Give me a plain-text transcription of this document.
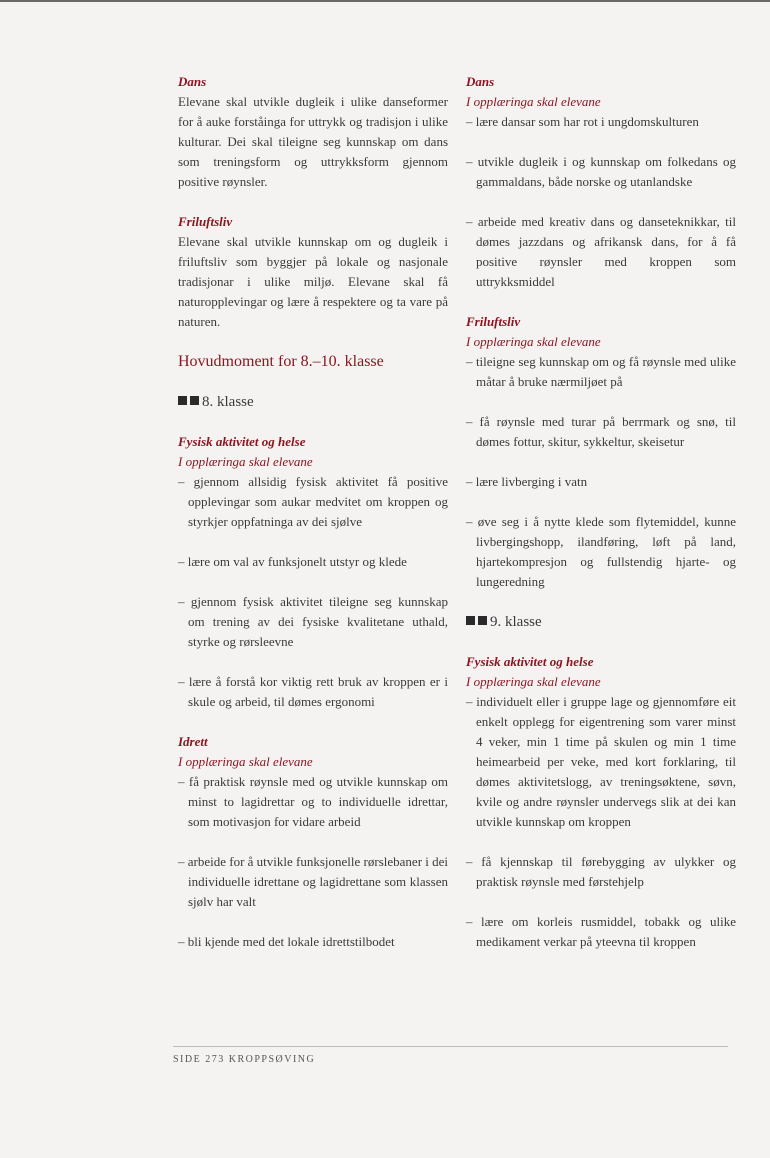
Dans

Elevane skal utvikle dugleik i ulike danseformer for å auke forståinga for uttrykk og tradisjon i ulike kulturar. Dei skal tileigne seg kunnskap om dans som treningsform og uttrykksform gjennom positive røynsler.

Friluftsliv

Elevane skal utvikle kunnskap om og dugleik i friluftsliv som byggjer på lokale og nasjonale tradisjonar i ulike miljø. Elevane skal få naturopplevingar og lære å respektere og ta vare på naturen.

Hovudmoment for 8.–10. klasse

8. klasse

Fysisk aktivitet og helse

I opplæringa skal elevane

– gjennom allsidig fysisk aktivitet få positive opplevingar som aukar medvitet om kroppen og styrkjer oppfatninga av dei sjølve

– lære om val av funksjonelt utstyr og klede

– gjennom fysisk aktivitet tileigne seg kunnskap om trening av dei fysiske kvalitetane uthald, styrke og rørsleevne

– lære å forstå kor viktig rett bruk av kroppen er i skule og arbeid, til dømes ergonomi

Idrett

I opplæringa skal elevane

– få praktisk røynsle med og utvikle kunnskap om minst to lagidrettar og to individuelle idrettar, som motivasjon for vidare arbeid

– arbeide for å utvikle funksjonelle rørslebaner i dei individuelle idrettane og lagidrettane som klassen sjølv har valt

– bli kjende med det lokale idrettstilbodet

Dans

I opplæringa skal elevane

– lære dansar som har rot i ungdomskulturen

– utvikle dugleik i og kunnskap om folkedans og gammaldans, både norske og utanlandske

– arbeide med kreativ dans og danseteknikkar, til dømes jazzdans og afrikansk dans, for å få positive røynsler med kroppen som uttrykksmiddel

Friluftsliv

I opplæringa skal elevane

– tileigne seg kunnskap om og få røynsle med ulike måtar å bruke nærmiljøet på

– få røynsle med turar på berrmark og snø, til dømes fottur, skitur, sykkeltur, skeisetur

– lære livberging i vatn

– øve seg i å nytte klede som flytemiddel, kunne livbergingshopp, ilandføring, løft på land, hjartekompresjon og fullstendig hjarte- og lungeredning

9. klasse

Fysisk aktivitet og helse

I opplæringa skal elevane

– individuelt eller i gruppe lage og gjennomføre eit enkelt opplegg for eigentrening som varer minst 4 veker, min 1 time på skulen og min 1 time heimearbeid per veke, med kort forklaring, til dømes aktivitetslogg, av treningsøktene, søvn, kvile og andre røynsler undervegs slik at dei kan utvikle kunnskap om kroppen

– få kjennskap til førebygging av ulykker og praktisk røynsle med førstehjelp

– lære om korleis rusmiddel, tobakk og ulike medikament verkar på yteevna til kroppen

SIDE 273 KROPPSØVING
